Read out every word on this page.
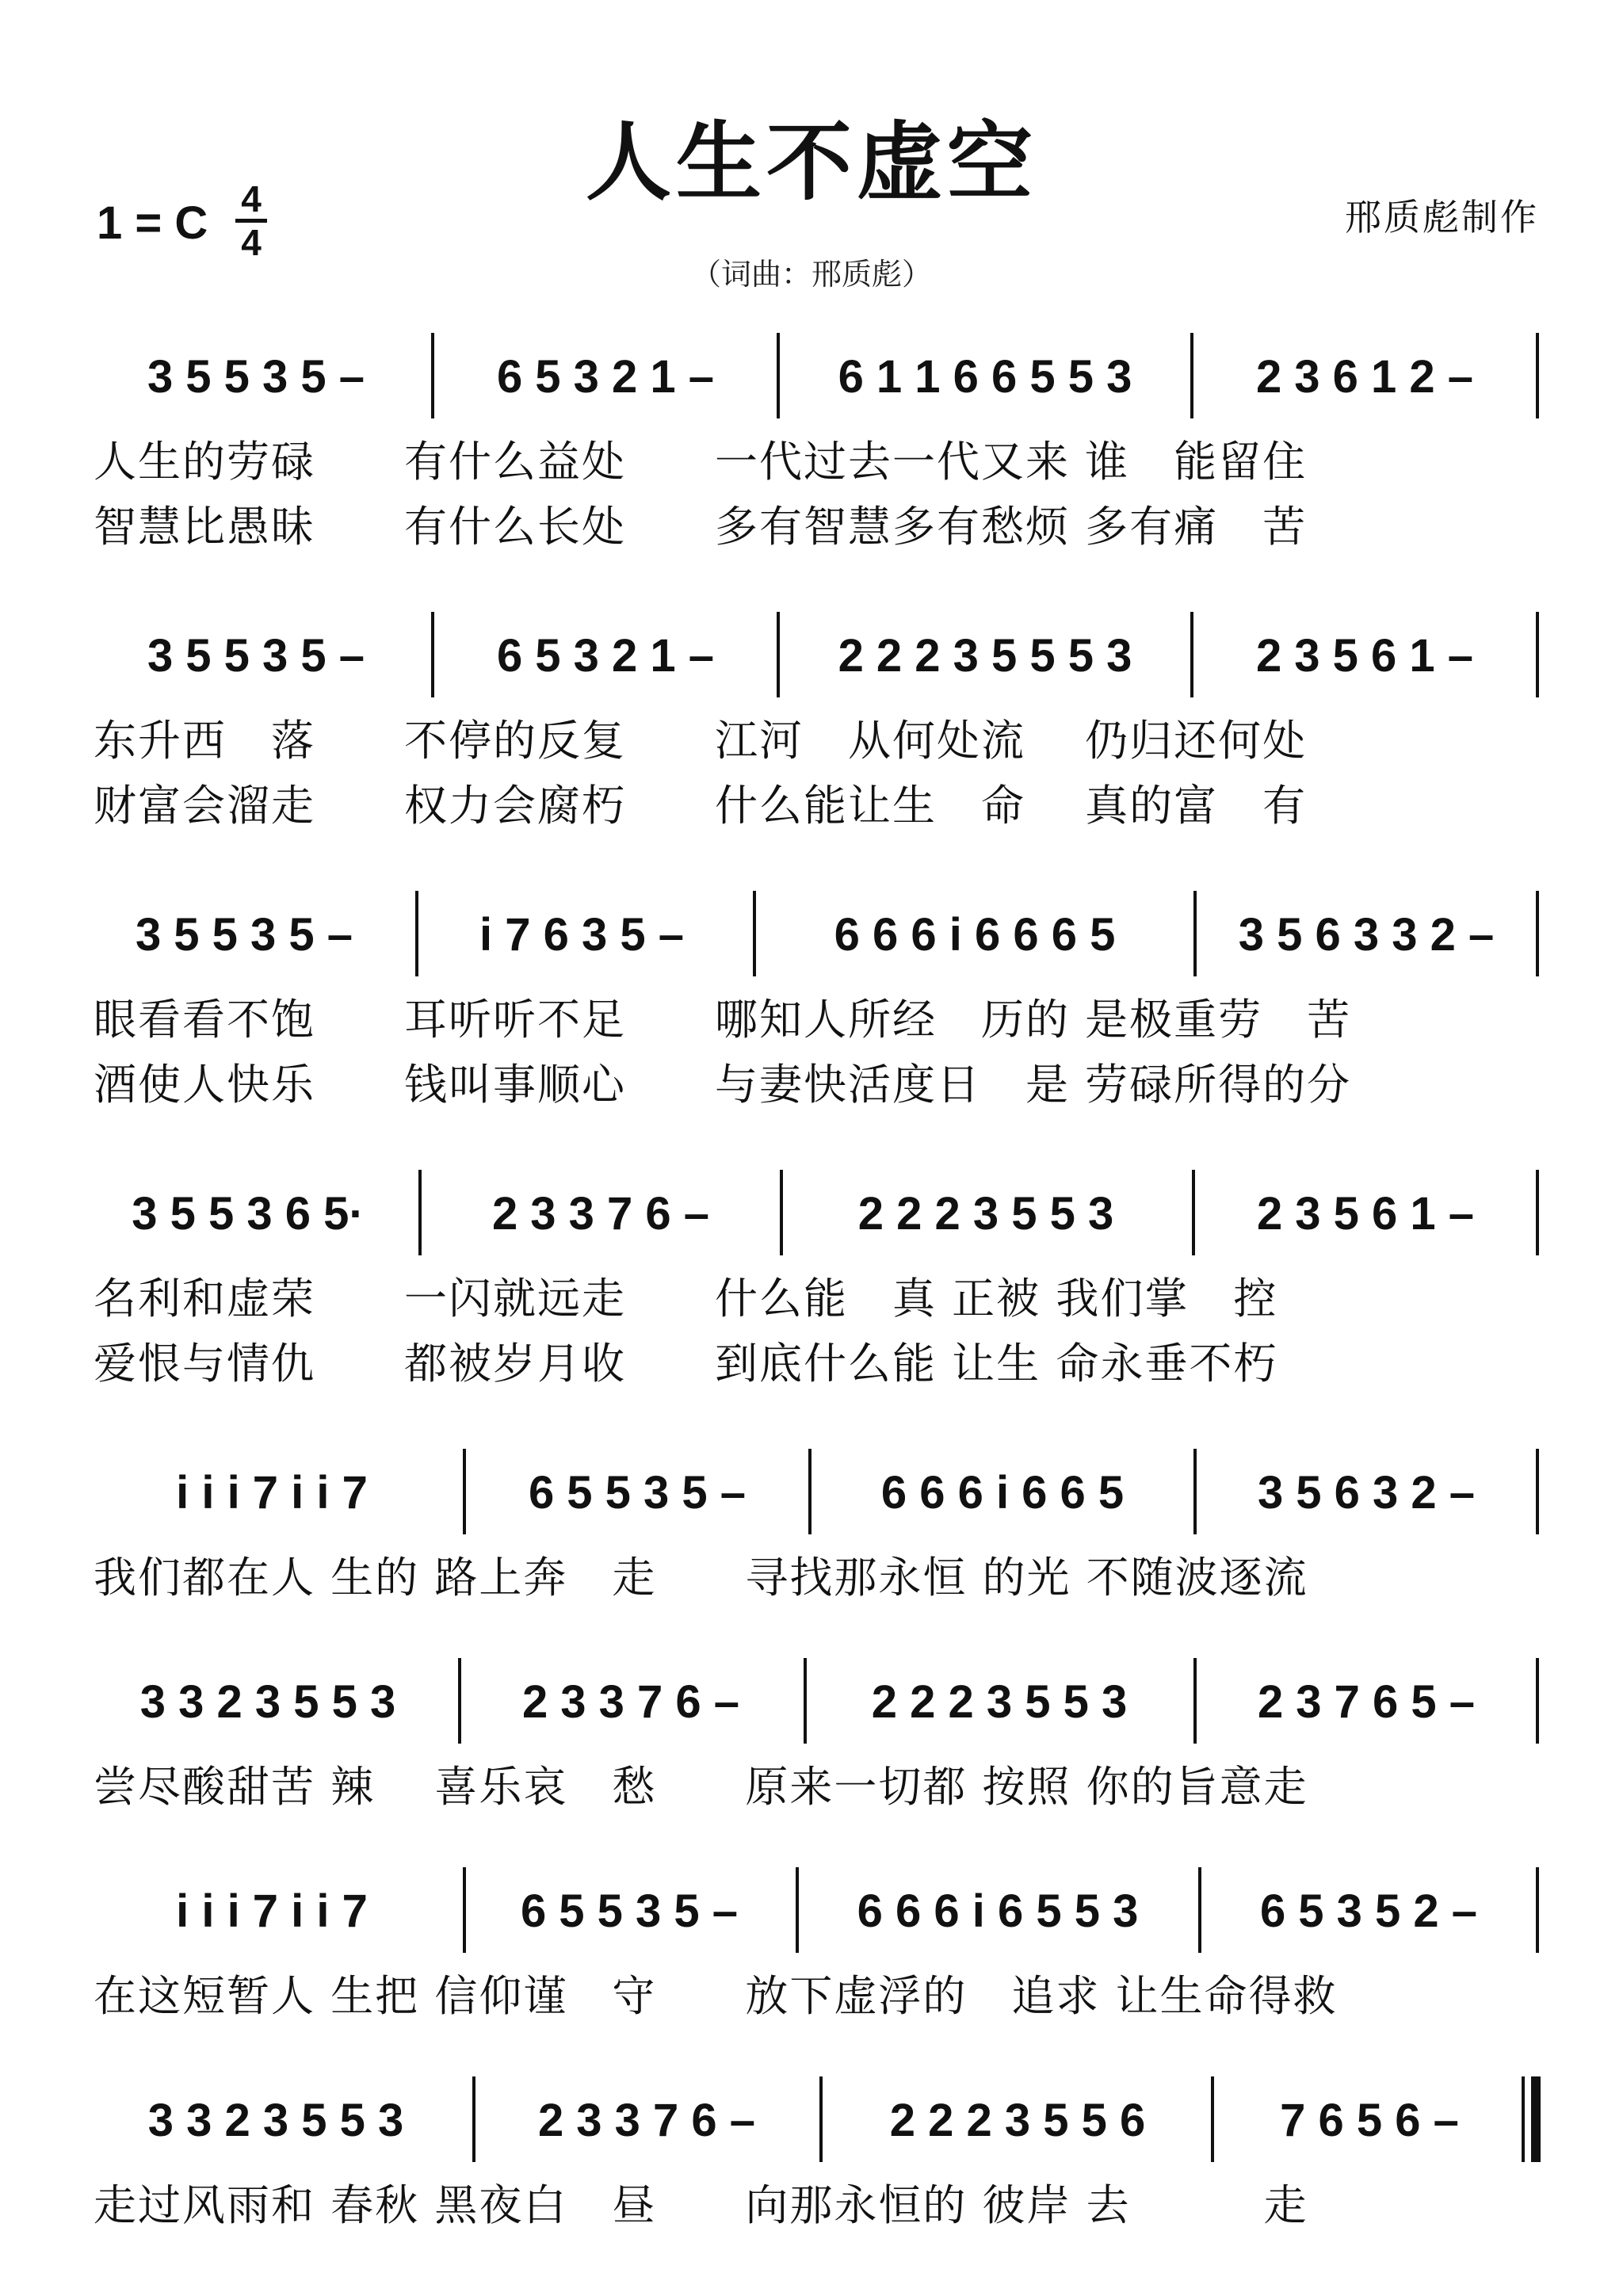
人生不虚空
1 = C 4
4
邢质彪制作
（词曲：邢质彪）
3 5 5 3 5 –	6 5 3 2 1 –	6 1 1 6 6 5 5 3	2 3 6 1 2 –
人生的劳碌　　有什么益处　　一代过去一代又来 谁　能留住
智慧比愚昧　　有什么长处　　多有智慧多有愁烦 多有痛　苦
3 5 5 3 5 –	6 5 3 2 1 –	2 2 2 3 5 5 5 3	2 3 5 6 1 –
东升西　落　　不停的反复　　江河　从何处流　 仍归还何处
财富会溜走　　权力会腐朽　　什么能让生　命　 真的富　有
3 5 5 3 5 –	i 7 6 3 5 –	6 6 6 i 6 6 6 5	3 5 6 3 3 2 –
眼看看不饱　　耳听听不足　　哪知人所经　历的 是极重劳　苦
酒使人快乐　　钱叫事顺心　　与妻快活度日　是 劳碌所得的分
3 5 5 3 6 5·	2 3 3 7 6 –	2 2 2 3 5 5 3	2 3 5 6 1 –
名利和虚荣　　一闪就远走　　什么能　真 正被 我们掌　控
爱恨与情仇　　都被岁月收　　到底什么能 让生 命永垂不朽
i i i 7 i i 7	6 5 5 3 5 –	6 6 6 i 6 6 5	3 5 6 3 2 –
我们都在人 生的 路上奔　走　　寻找那永恒 的光 不随波逐流
3 3 2 3 5 5 3	2 3 3 7 6 –	2 2 2 3 5 5 3	2 3 7 6 5 –
尝尽酸甜苦 辣　 喜乐哀　愁　　原来一切都 按照 你的旨意走
i i i 7 i i 7	6 5 5 3 5 –	6 6 6 i 6 5 5 3	6 5 3 5 2 –
在这短暂人 生把 信仰谨　守　　放下虚浮的　追求 让生命得救
3 3 2 3 5 5 3	2 3 3 7 6 –	2 2 2 3 5 5 6	7 6 5 6 –
走过风雨和 春秋 黑夜白　昼　　向那永恒的 彼岸 去　　　走
